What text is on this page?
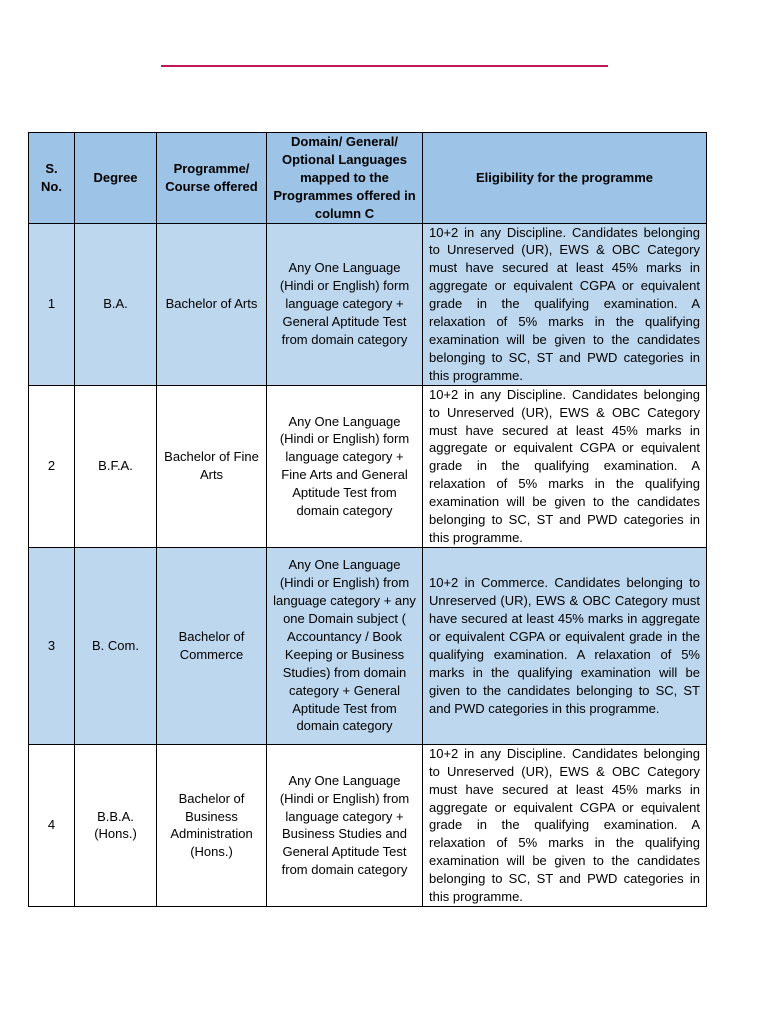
S. No.	Degree	Programme/ Course offered	Domain/ General/ Optional Languages mapped to the Programmes offered in column C	Eligibility for the programme
1	B.A.	Bachelor of Arts	Any One Language (Hindi or English) form language category + General Aptitude Test from domain category	10+2 in any Discipline. Candidates belonging to Unreserved (UR), EWS & OBC Category must have secured at least 45% marks in aggregate or equivalent CGPA or equivalent grade in the qualifying examination. A relaxation of 5% marks in the qualifying examination will be given to the candidates belonging to SC, ST and PWD categories in this programme.
2	B.F.A.	Bachelor of Fine Arts	Any One Language (Hindi or English) form language category + Fine Arts and General Aptitude Test from domain category	10+2 in any Discipline. Candidates belonging to Unreserved (UR), EWS & OBC Category must have secured at least 45% marks in aggregate or equivalent CGPA or equivalent grade in the qualifying examination. A relaxation of 5% marks in the qualifying examination will be given to the candidates belonging to SC, ST and PWD categories in this programme.
3	B. Com.	Bachelor of Commerce	Any One Language (Hindi or English) from language category + any one Domain subject ( Accountancy / Book Keeping or Business Studies) from domain category + General Aptitude Test from domain category	10+2 in Commerce. Candidates belonging to Unreserved (UR), EWS & OBC Category must have secured at least 45% marks in aggregate or equivalent CGPA or equivalent grade in the qualifying examination. A relaxation of 5% marks in the qualifying examination will be given to the candidates belonging to SC, ST and PWD categories in this programme.
4	B.B.A. (Hons.)	Bachelor of Business Administration (Hons.)	Any One Language (Hindi or English) from language category + Business Studies and General Aptitude Test from domain category	10+2 in any Discipline. Candidates belonging to Unreserved (UR), EWS & OBC Category must have secured at least 45% marks in aggregate or equivalent CGPA or equivalent grade in the qualifying examination. A relaxation of 5% marks in the qualifying examination will be given to the candidates belonging to SC, ST and PWD categories in this programme.
